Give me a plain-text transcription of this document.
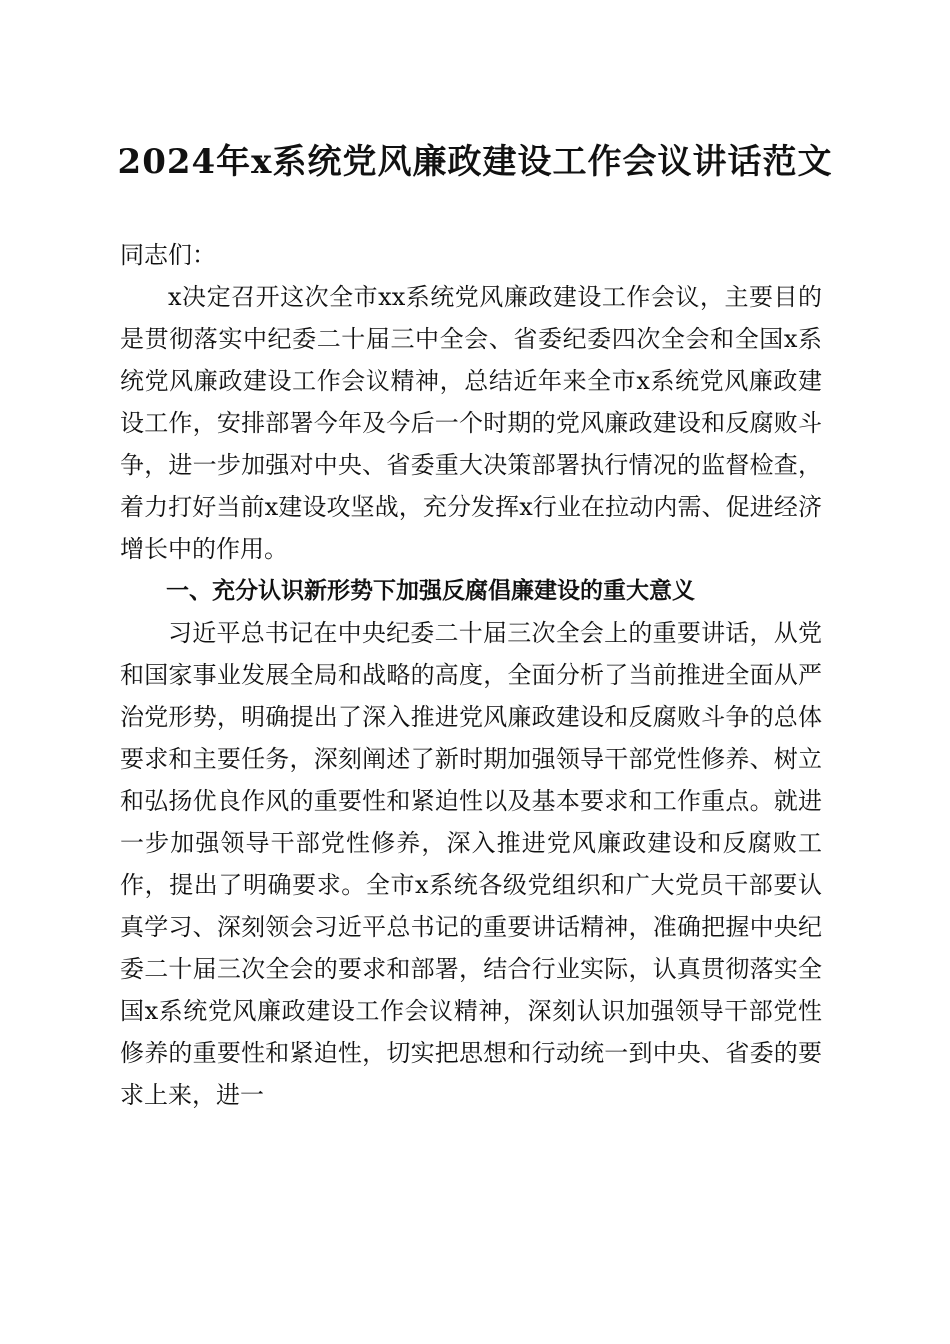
2024年x系统党风廉政建设工作会议讲话范文

同志们：

x决定召开这次全市xx系统党风廉政建设工作会议，主要目的是贯彻落实中纪委二十届三中全会、省委纪委四次全会和全国x系统党风廉政建设工作会议精神，总结近年来全市x系统党风廉政建设工作，安排部署今年及今后一个时期的党风廉政建设和反腐败斗争，进一步加强对中央、省委重大决策部署执行情况的监督检查，着力打好当前x建设攻坚战，充分发挥x行业在拉动内需、促进经济增长中的作用。

一、充分认识新形势下加强反腐倡廉建设的重大意义

习近平总书记在中央纪委二十届三次全会上的重要讲话，从党和国家事业发展全局和战略的高度，全面分析了当前推进全面从严治党形势，明确提出了深入推进党风廉政建设和反腐败斗争的总体要求和主要任务，深刻阐述了新时期加强领导干部党性修养、树立和弘扬优良作风的重要性和紧迫性以及基本要求和工作重点。就进一步加强领导干部党性修养，深入推进党风廉政建设和反腐败工作，提出了明确要求。全市x系统各级党组织和广大党员干部要认真学习、深刻领会习近平总书记的重要讲话精神，准确把握中央纪委二十届三次全会的要求和部署，结合行业实际，认真贯彻落实全国x系统党风廉政建设工作会议精神，深刻认识加强领导干部党性修养的重要性和紧迫性，切实把思想和行动统一到中央、省委的要求上来，进一
